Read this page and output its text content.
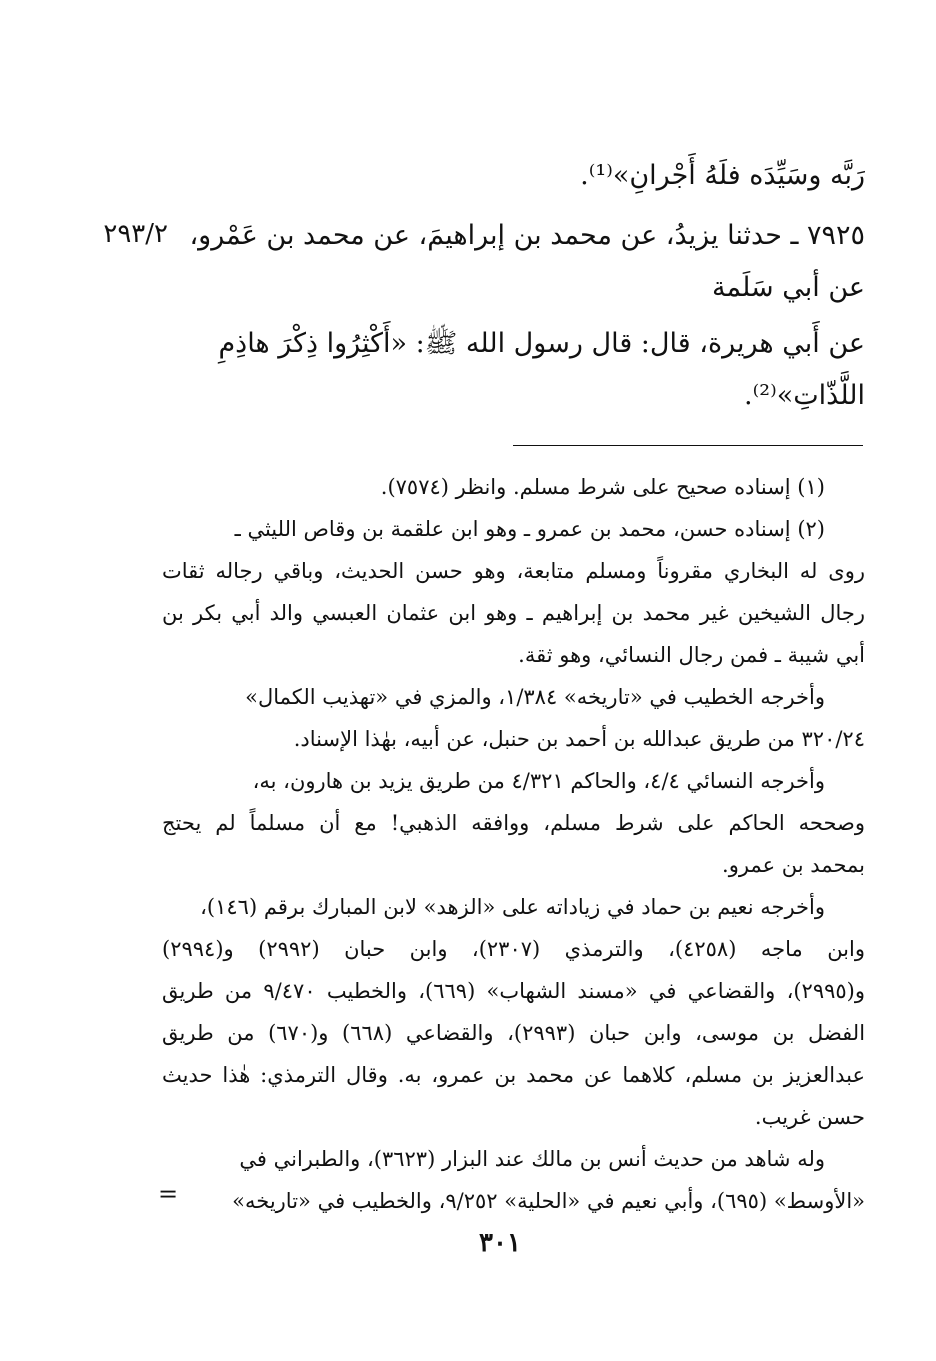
٢٩٣/٢
رَبَّه وسَيِّدَه فلَهُ أَجْرانِ»⁽¹⁾.
٧٩٢٥ ـ حدثنا يزيدُ، عن محمد بن إبراهيمَ، عن محمد بن عَمْرو،
عن أبي سَلَمة
عن أَبي هريرة، قال: قال رسول الله ﷺ: «أَكْثِرُوا ذِكْرَ هاذِمِ
اللَّذّاتِ»⁽²⁾.
(١) إسناده صحيح على شرط مسلم. وانظر (٧٥٧٤).
(٢) إسناده حسن، محمد بن عمرو ـ وهو ابن علقمة بن وقاص الليثي ـ
روى له البخاري مقروناً ومسلم متابعة، وهو حسن الحديث، وباقي رجاله ثقات
رجال الشيخين غير محمد بن إبراهيم ـ وهو ابن عثمان العبسي والد أبي بكر بن
أبي شيبة ـ فمن رجال النسائي، وهو ثقة.
وأخرجه الخطيب في «تاريخه» ١/٣٨٤، والمزي في «تهذيب الكمال»
٣٢٠/٢٤ من طريق عبدالله بن أحمد بن حنبل، عن أبيه، بهٰذا الإسناد.
وأخرجه النسائي ٤/٤، والحاكم ٤/٣٢١ من طريق يزيد بن هارون، به،
وصححه الحاكم على شرط مسلم، ووافقه الذهبي! مع أن مسلماً لم يحتج
بمحمد بن عمرو.
وأخرجه نعيم بن حماد في زياداته على «الزهد» لابن المبارك برقم (١٤٦)،
وابن ماجه (٤٢٥٨)، والترمذي (٢٣٠٧)، وابن حبان (٢٩٩٢) و(٢٩٩٤)
و(٢٩٩٥)، والقضاعي في «مسند الشهاب» (٦٦٩)، والخطيب ٩/٤٧٠ من طريق
الفضل بن موسى، وابن حبان (٢٩٩٣)، والقضاعي (٦٦٨) و(٦٧٠) من طريق
عبدالعزيز بن مسلم، كلاهما عن محمد بن عمرو، به. وقال الترمذي: هٰذا حديث
حسن غريب.
وله شاهد من حديث أنس بن مالك عند البزار (٣٦٢٣)، والطبراني في
«الأوسط» (٦٩٥)، وأبي نعيم في «الحلية» ٩/٢٥٢، والخطيب في «تاريخه»
=
٣٠١
